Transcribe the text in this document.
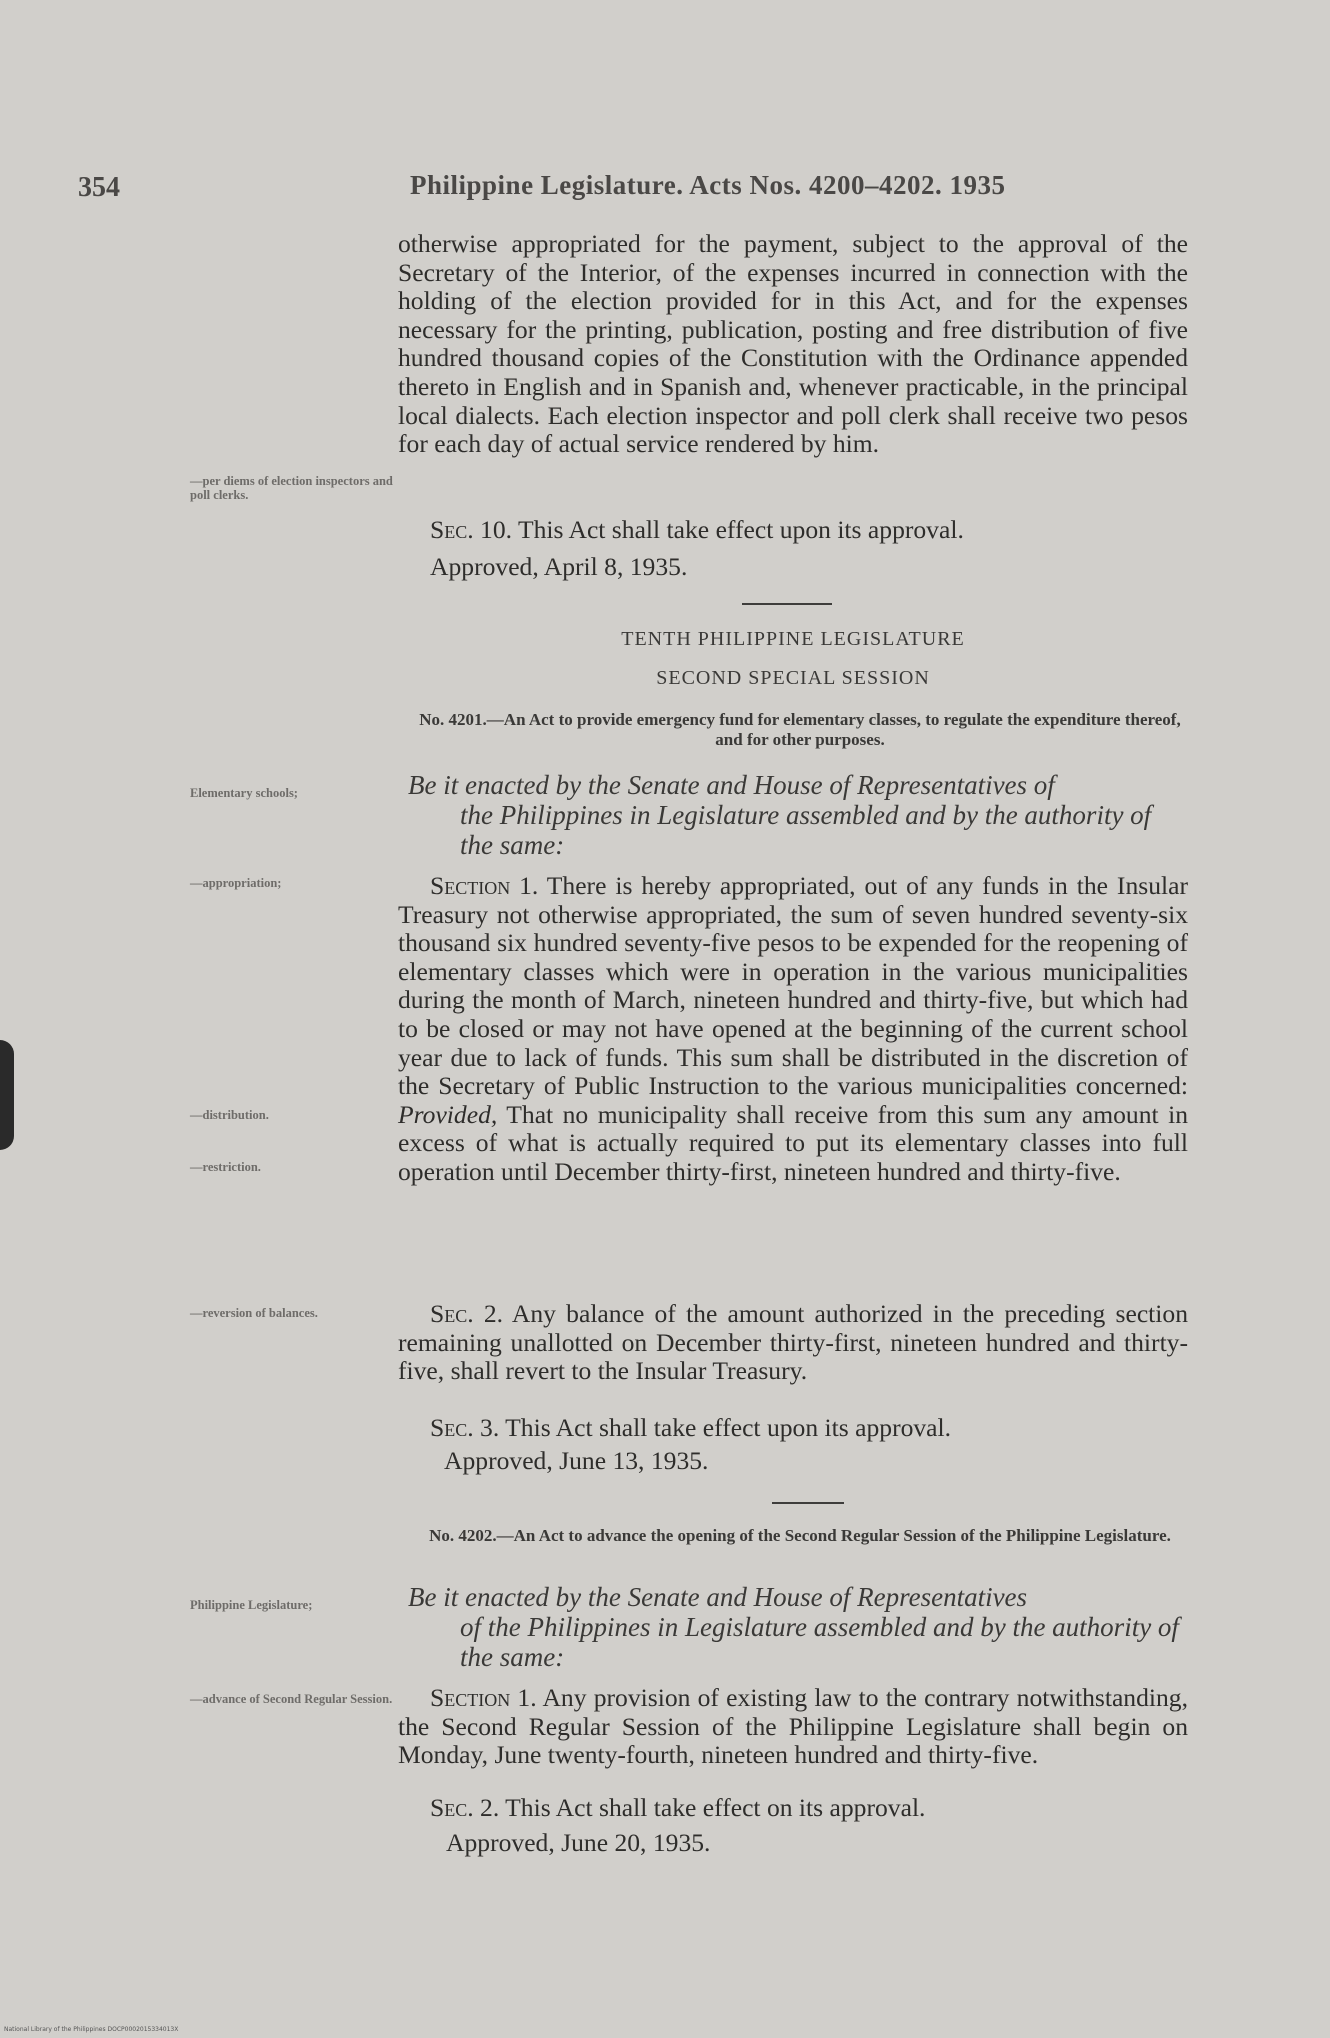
354	Philippine Legislature. Acts Nos. 4200–4202. 1935

otherwise appropriated for the payment, subject to the approval of the Secretary of the Interior, of the expenses incurred in connection with the holding of the election provided for in this Act, and for the expenses necessary for the printing, publication, posting and free distribution of five hundred thousand copies of the Constitution with the Ordinance appended thereto in English and in Spanish and, whenever practicable, in the principal local dialects. Each election inspector and poll clerk shall receive two pesos for each day of actual service rendered by him.

—per diems of election inspectors and poll clerks.

Sec. 10. This Act shall take effect upon its approval.

Approved, April 8, 1935.
TENTH PHILIPPINE LEGISLATURE
SECOND SPECIAL SESSION
No. 4201.—An Act to provide emergency fund for elementary classes, to regulate the expenditure thereof, and for other purposes.
Elementary schools;	Be it enacted by the Senate and House of Representatives of
the Philippines in Legislature assembled and by the authority of the same:
—appropriation;
—distribution.
—restriction.

Section 1. There is hereby appropriated, out of any funds in the Insular Treasury not otherwise appropriated, the sum of seven hundred seventy-six thousand six hundred seventy-five pesos to be expended for the reopening of elementary classes which were in operation in the various municipalities during the month of March, nineteen hundred and thirty-five, but which had to be closed or may not have opened at the beginning of the current school year due to lack of funds. This sum shall be distributed in the discretion of the Secretary of Public Instruction to the various municipalities concerned: Provided, That no municipality shall receive from this sum any amount in excess of what is actually required to put its elementary classes into full operation until December thirty-first, nineteen hundred and thirty-five.

—reversion of balances.	Sec. 2. Any balance of the amount authorized in the preceding section remaining unallotted on December thirty-first, nineteen hundred and thirty-five, shall revert to the Insular Treasury.

Sec. 3. This Act shall take effect upon its approval.

Approved, June 13, 1935.
No. 4202.—An Act to advance the opening of the Second Regular Session of the Philippine Legislature.
Philippine Legislature;	Be it enacted by the Senate and House of Representatives
of the Philippines in Legislature assembled and by the authority of the same:
—advance of Second Regular Session.	Section 1. Any provision of existing law to the contrary notwithstanding, the Second Regular Session of the Philippine Legislature shall begin on Monday, June twenty-fourth, nineteen hundred and thirty-five.

Sec. 2. This Act shall take effect on its approval.

Approved, June 20, 1935.
National Library of the Philippines DOCP0002015334013X
